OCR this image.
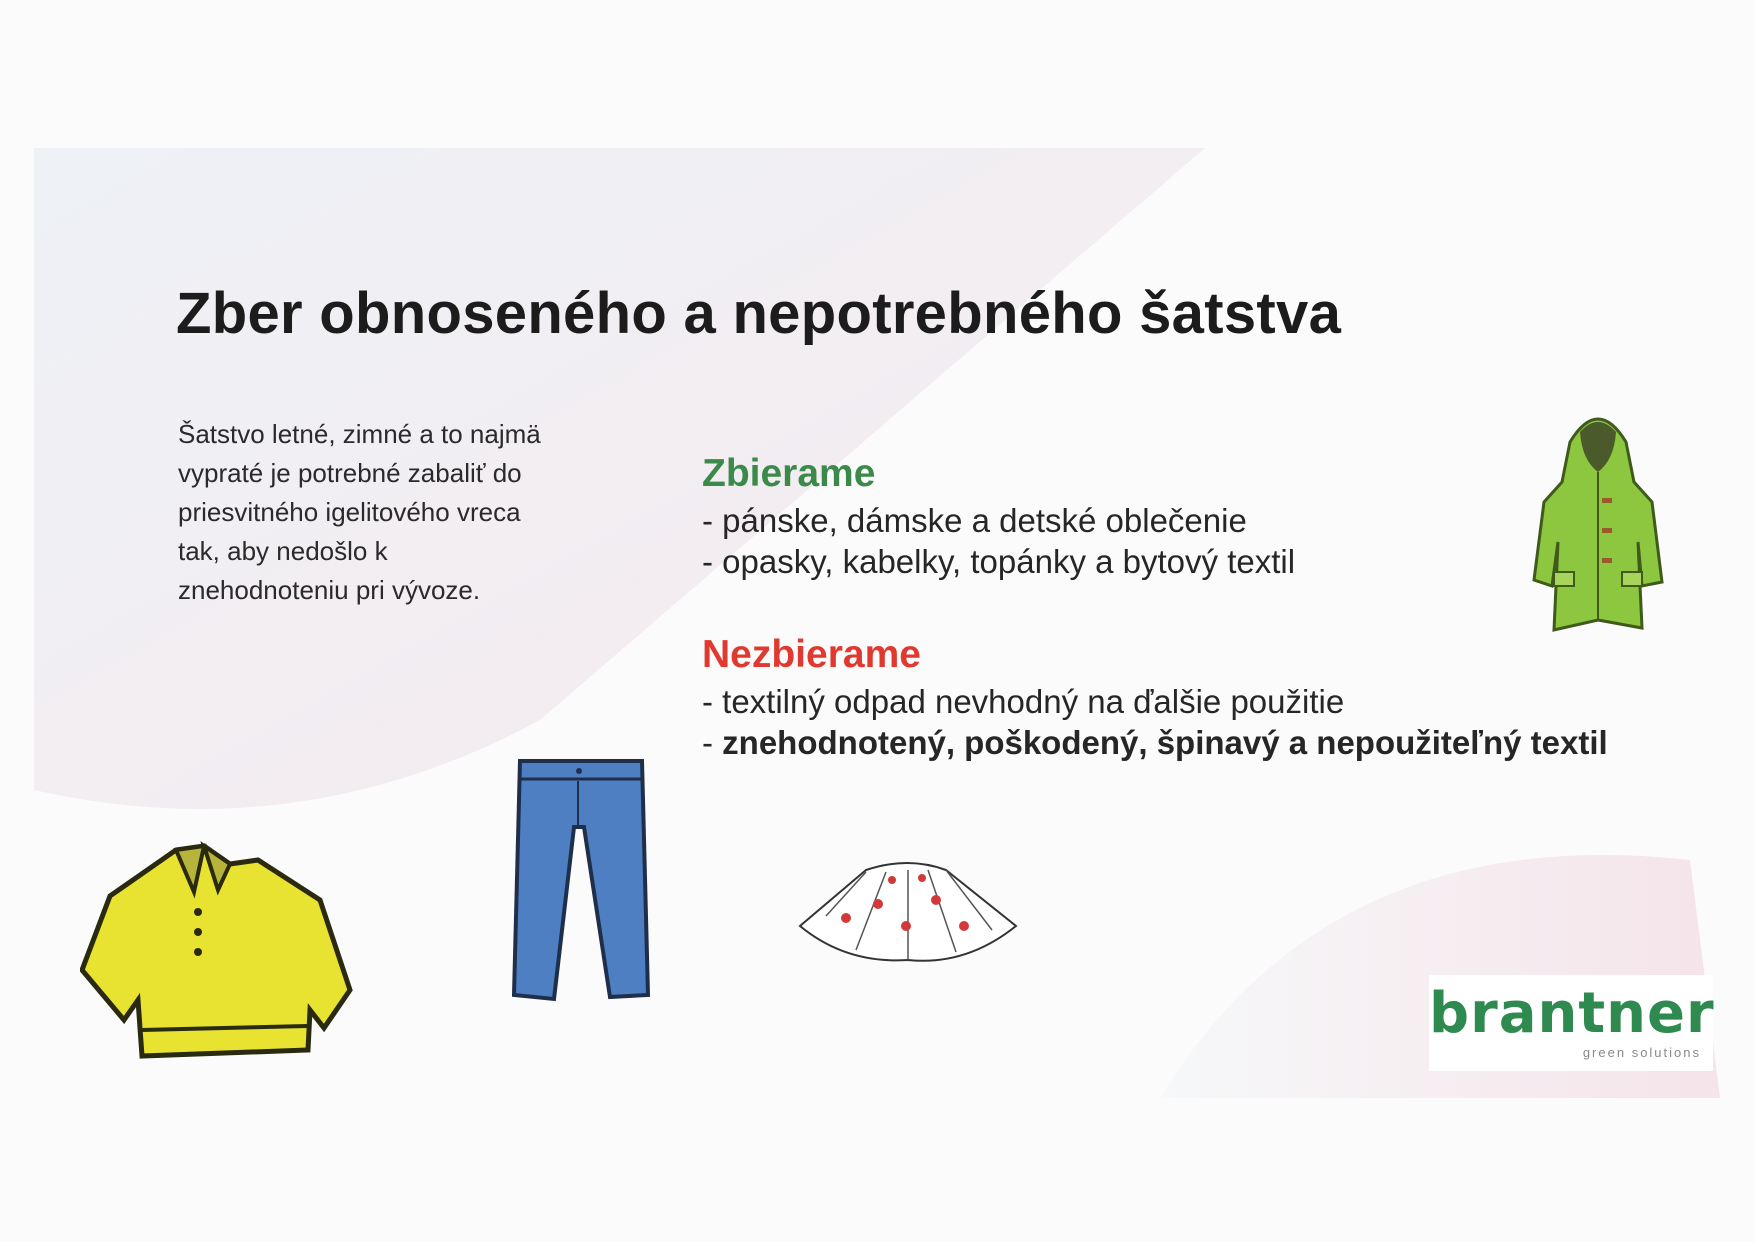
Zber obnoseného a nepotrebného šatstva
Šatstvo letné, zimné a to najmä
vypraté je potrebné zabaliť do
priesvitného igelitového vreca
tak, aby nedošlo k
znehodnoteniu pri vývoze.
Zbierame
- pánske, dámske a detské oblečenie
- opasky, kabelky, topánky a bytový textil
Nezbierame
- textilný odpad nevhodný na ďalšie použitie
- znehodnotený, poškodený, špinavý a nepoužiteľný textil
brantner
green solutions
